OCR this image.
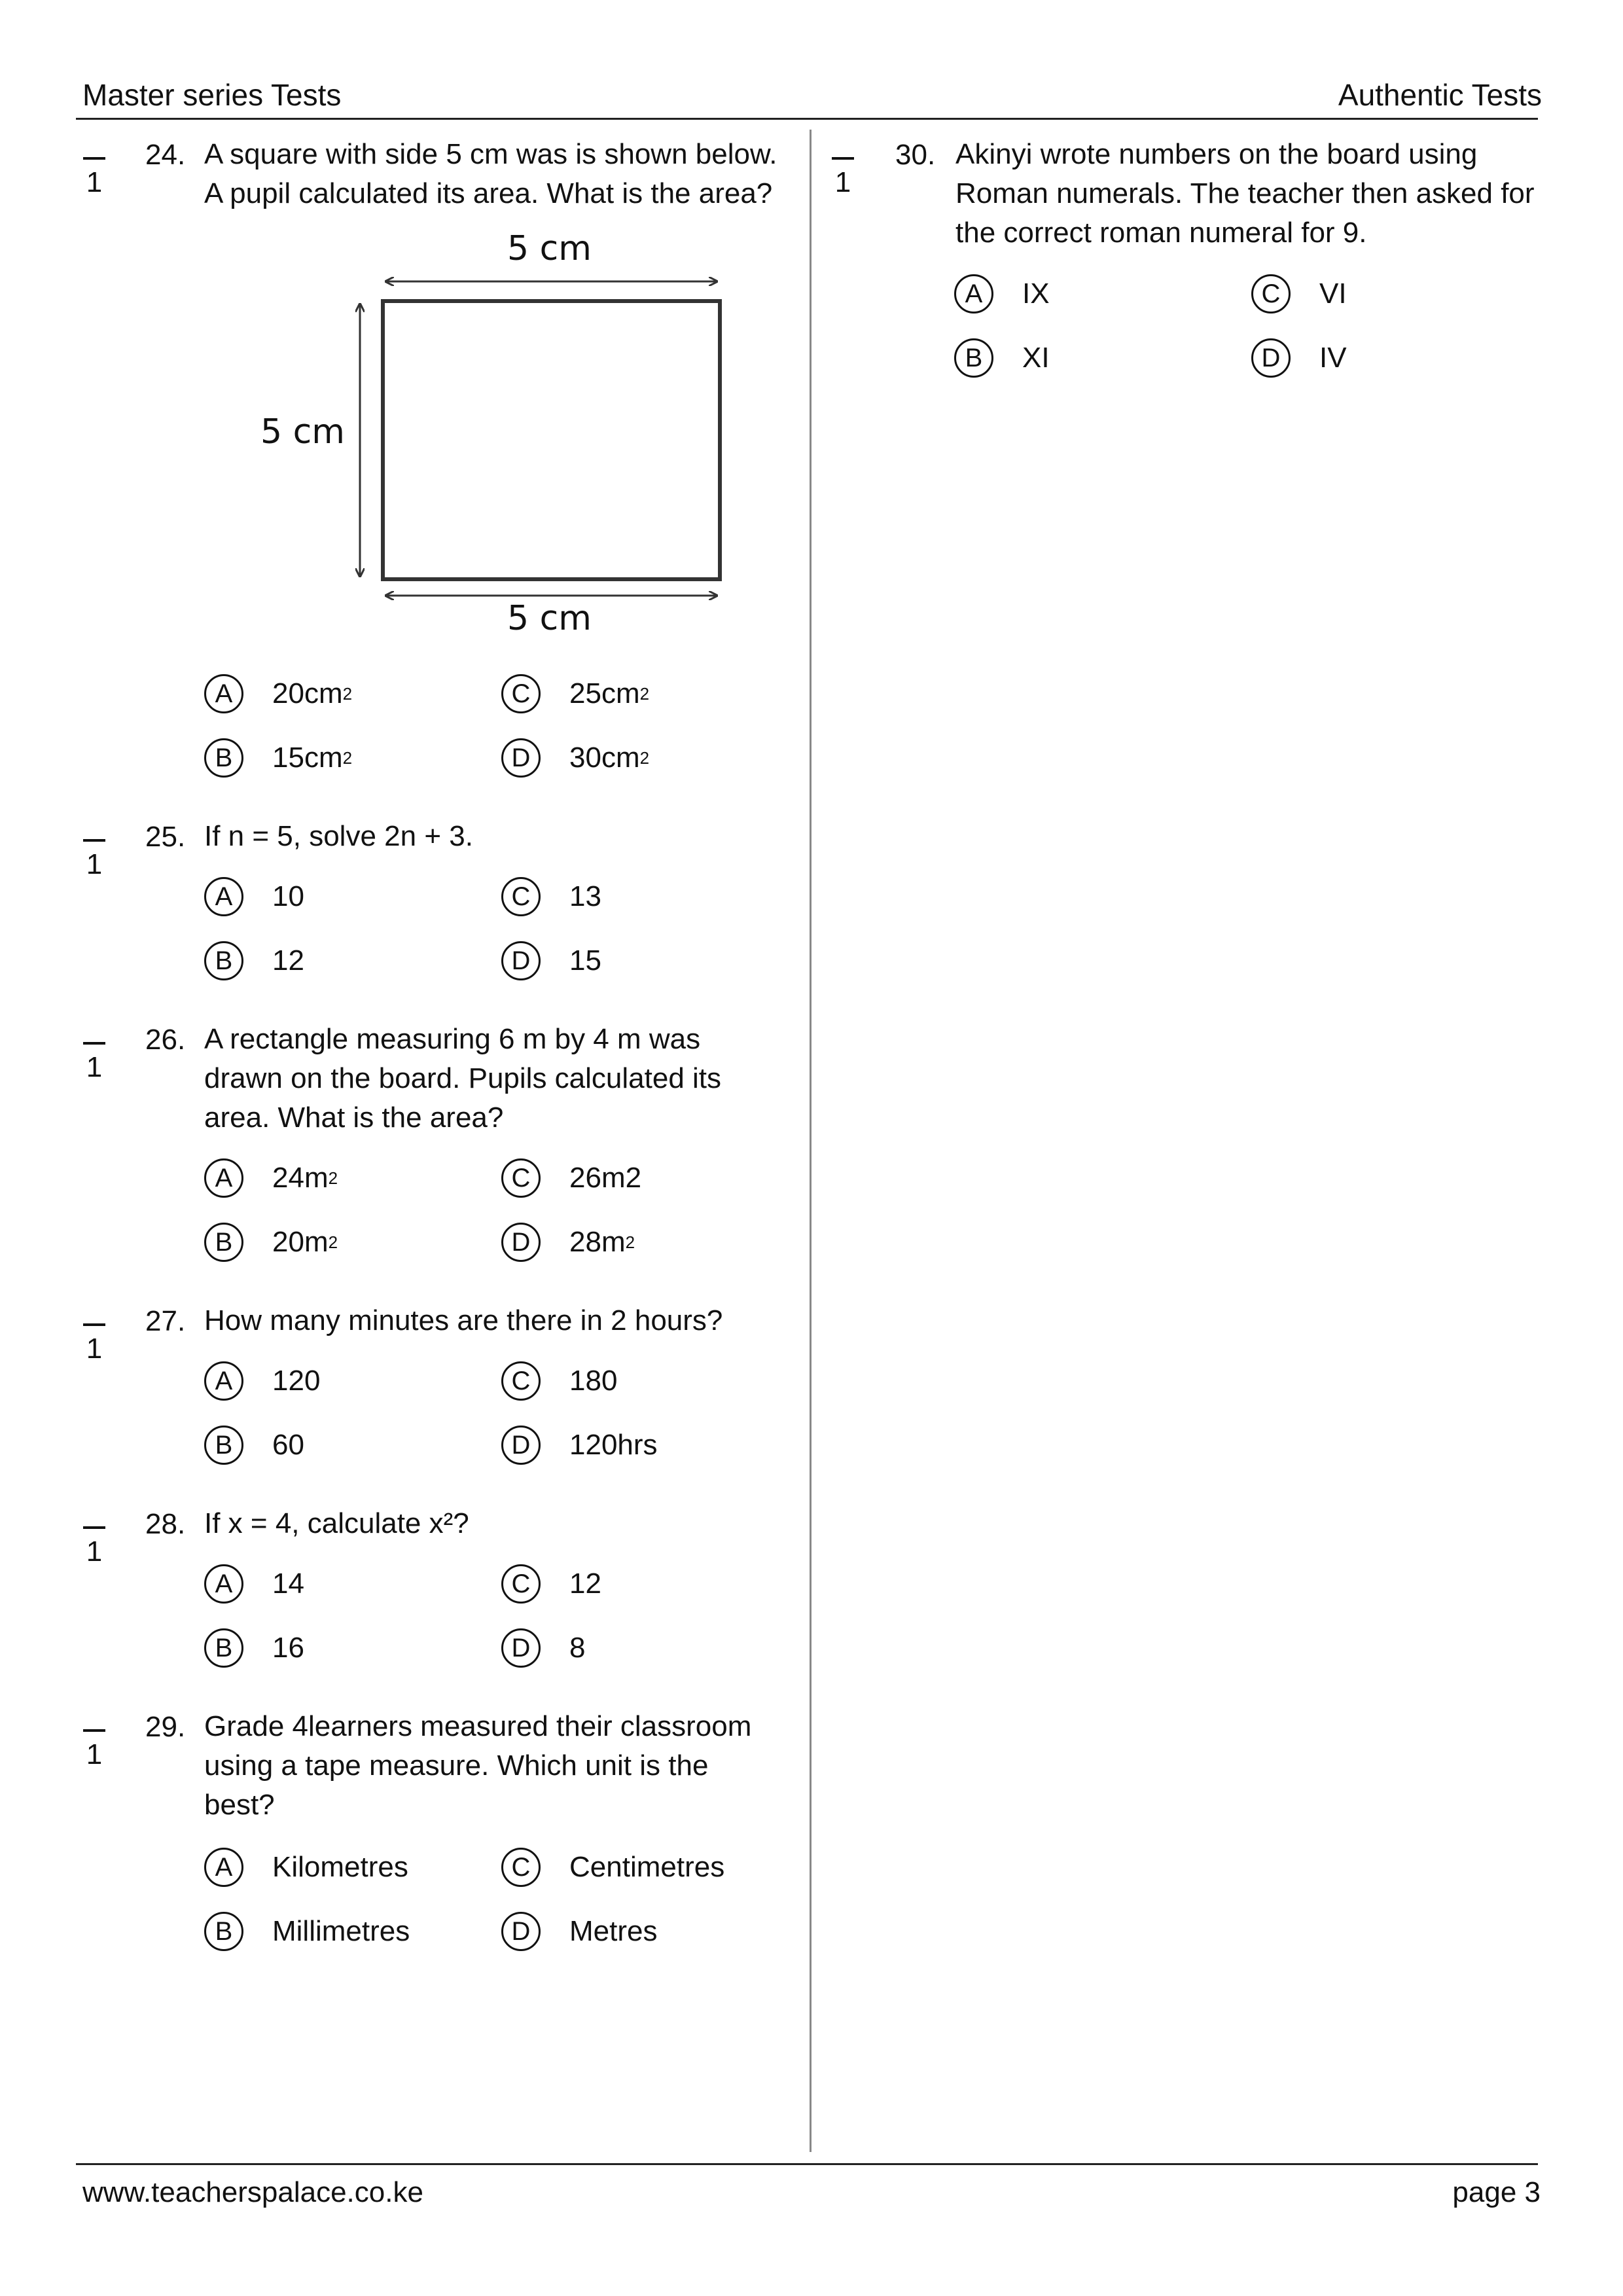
Master series Tests	Authentic Tests
1
24. A square with side 5 cm was is shown below.
A pupil calculated its area. What is the area?
5 cm
5 cm
5 cm
A	20cm 2
B	15cm 2
C	25cm 2
D	30cm 2
1
25. If n = 5, solve 2n + 3.
A	10
B	12
C	13
D	15
1
26. A rectangle measuring 6 m by 4 m was
drawn on the board. Pupils calculated its
area. What is the area?
A	24m 2
B	20m 2
C	26m2
D	28m 2
1
27. How many minutes are there in 2 hours?
A	120
B	60
C	180
D	120hrs
1
28. If x = 4, calculate x²?
A	14
B	16
C	12
D	8
1
29. Grade 4learners measured their classroom
using a tape measure. Which unit is the
best?
A	Kilometres
B	Millimetres
C	Centimetres
D	Metres
1
30. Akinyi wrote numbers on the board using
Roman numerals. The teacher then asked for
the correct roman numeral for 9.
A	IX
B	XI
C	VI
D	IV
www.teacherspalace.co.ke	page 3
